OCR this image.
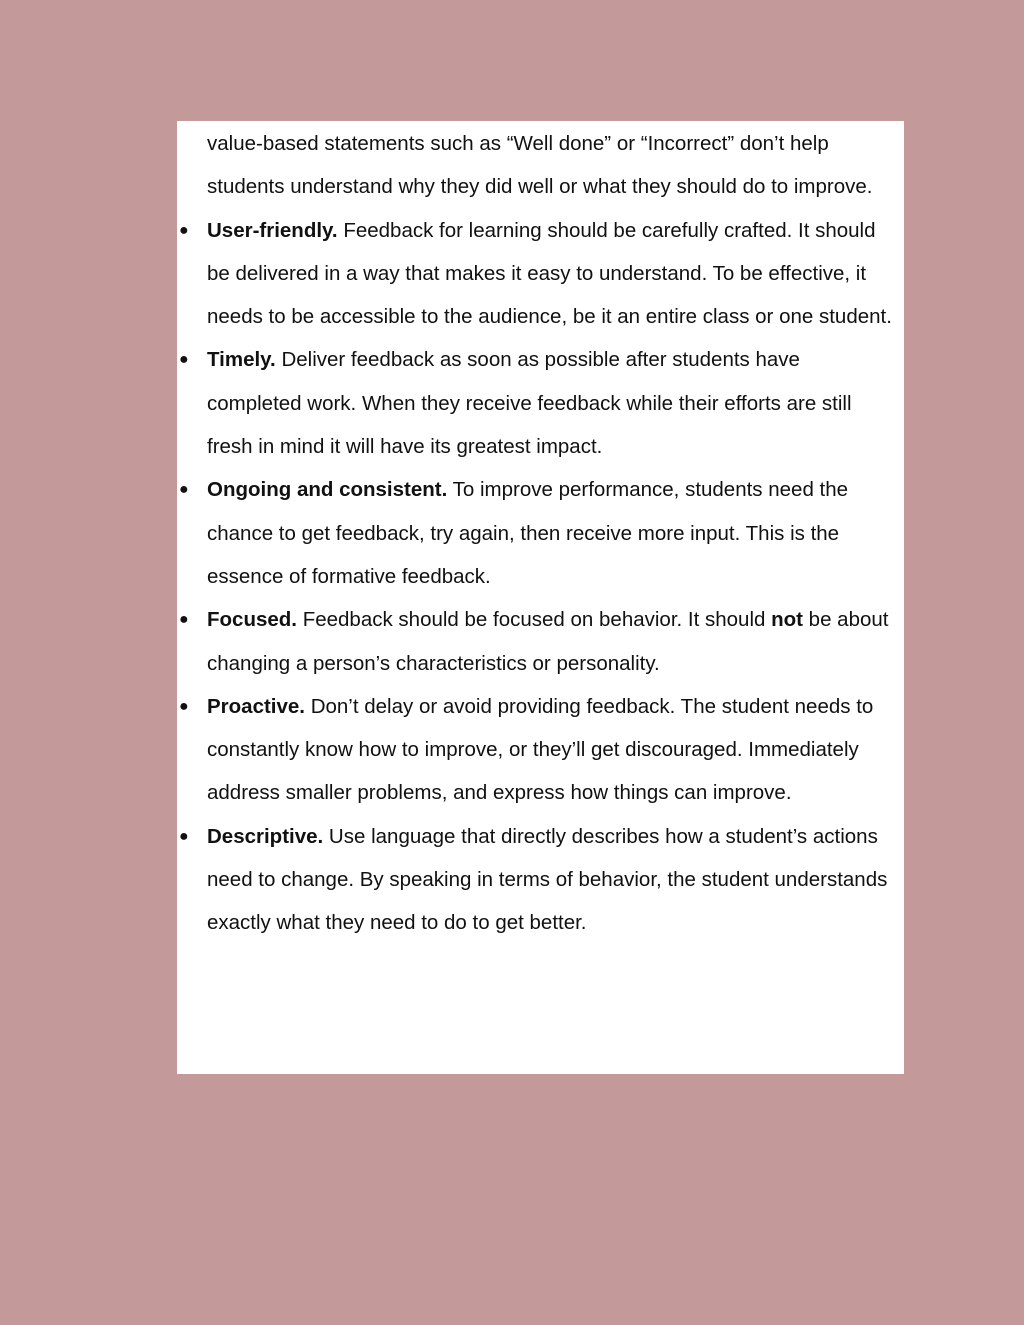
value-based statements such as “Well done” or “Incorrect” don’t help students understand why they did well or what they should do to improve.
● User-friendly. Feedback for learning should be carefully crafted. It should be delivered in a way that makes it easy to understand. To be effective, it needs to be accessible to the audience, be it an entire class or one student.
● Timely. Deliver feedback as soon as possible after students have completed work. When they receive feedback while their efforts are still fresh in mind it will have its greatest impact.
● Ongoing and consistent. To improve performance, students need the chance to get feedback, try again, then receive more input. This is the essence of formative feedback.
● Focused. Feedback should be focused on behavior. It should not be about changing a person’s characteristics or personality.
● Proactive. Don’t delay or avoid providing feedback. The student needs to constantly know how to improve, or they’ll get discouraged. Immediately address smaller problems, and express how things can improve.
● Descriptive. Use language that directly describes how a student’s actions need to change. By speaking in terms of behavior, the student understands exactly what they need to do to get better.
